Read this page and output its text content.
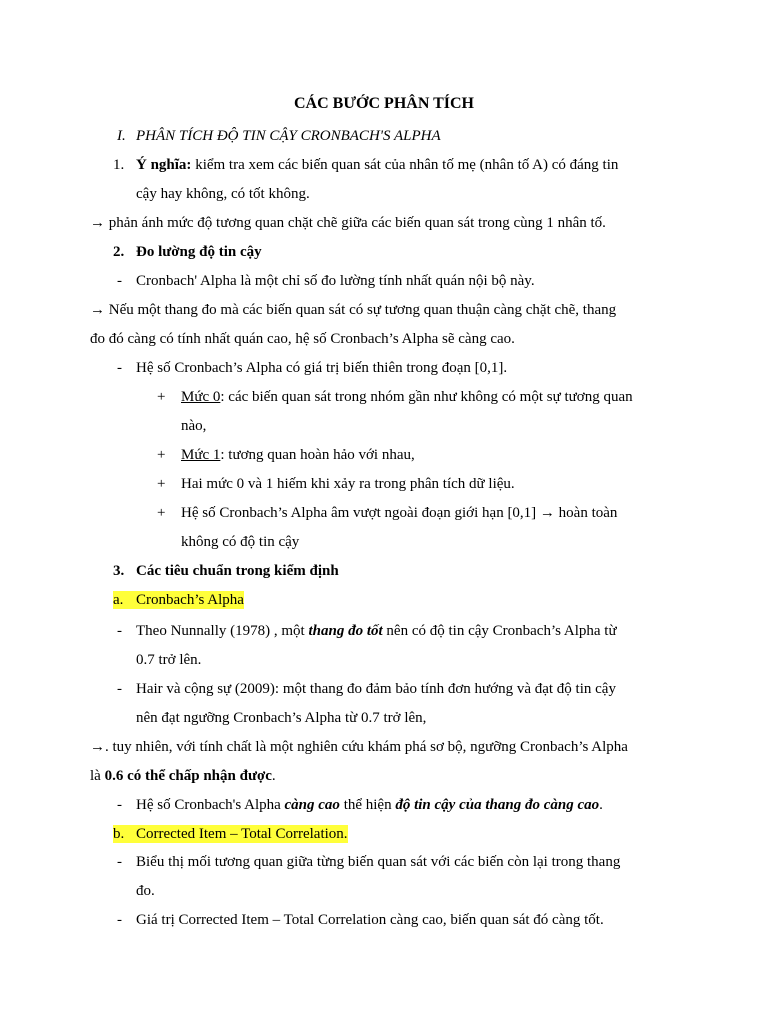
CÁC BƯỚC PHÂN TÍCH
I. PHÂN TÍCH ĐỘ TIN CẬY CRONBACH'S ALPHA
1. Ý nghĩa: kiểm tra xem các biến quan sát của nhân tố mẹ (nhân tố A) có đáng tin
cậy hay không, có tốt không.
→ phản ánh mức độ tương quan chặt chẽ giữa các biến quan sát trong cùng 1 nhân tố.
2. Đo lường độ tin cậy
- Cronbach' Alpha là một chỉ số đo lường tính nhất quán nội bộ này.
→ Nếu một thang đo mà các biến quan sát có sự tương quan thuận càng chặt chẽ, thang
đo đó càng có tính nhất quán cao, hệ số Cronbach’s Alpha sẽ càng cao.
- Hệ số Cronbach’s Alpha có giá trị biến thiên trong đoạn [0,1].
+ Mức 0: các biến quan sát trong nhóm gần như không có một sự tương quan
nào,
+ Mức 1: tương quan hoàn hảo với nhau,
+ Hai mức 0 và 1 hiếm khi xảy ra trong phân tích dữ liệu.
+ Hệ số Cronbach’s Alpha âm vượt ngoài đoạn giới hạn [0,1] → hoàn toàn
không có độ tin cậy
3. Các tiêu chuẩn trong kiểm định
a. Cronbach’s Alpha
- Theo Nunnally (1978) , một thang đo tốt nên có độ tin cậy Cronbach’s Alpha từ
0.7 trở lên.
- Hair và cộng sự (2009): một thang đo đảm bảo tính đơn hướng và đạt độ tin cậy
nên đạt ngưỡng Cronbach’s Alpha từ 0.7 trở lên,
→. tuy nhiên, với tính chất là một nghiên cứu khám phá sơ bộ, ngưỡng Cronbach’s Alpha
là 0.6 có thể chấp nhận được.
- Hệ số Cronbach's Alpha càng cao thể hiện độ tin cậy của thang đo càng cao.
b. Corrected Item – Total Correlation.
- Biểu thị mối tương quan giữa từng biến quan sát với các biến còn lại trong thang
đo.
- Giá trị Corrected Item – Total Correlation càng cao, biến quan sát đó càng tốt.
